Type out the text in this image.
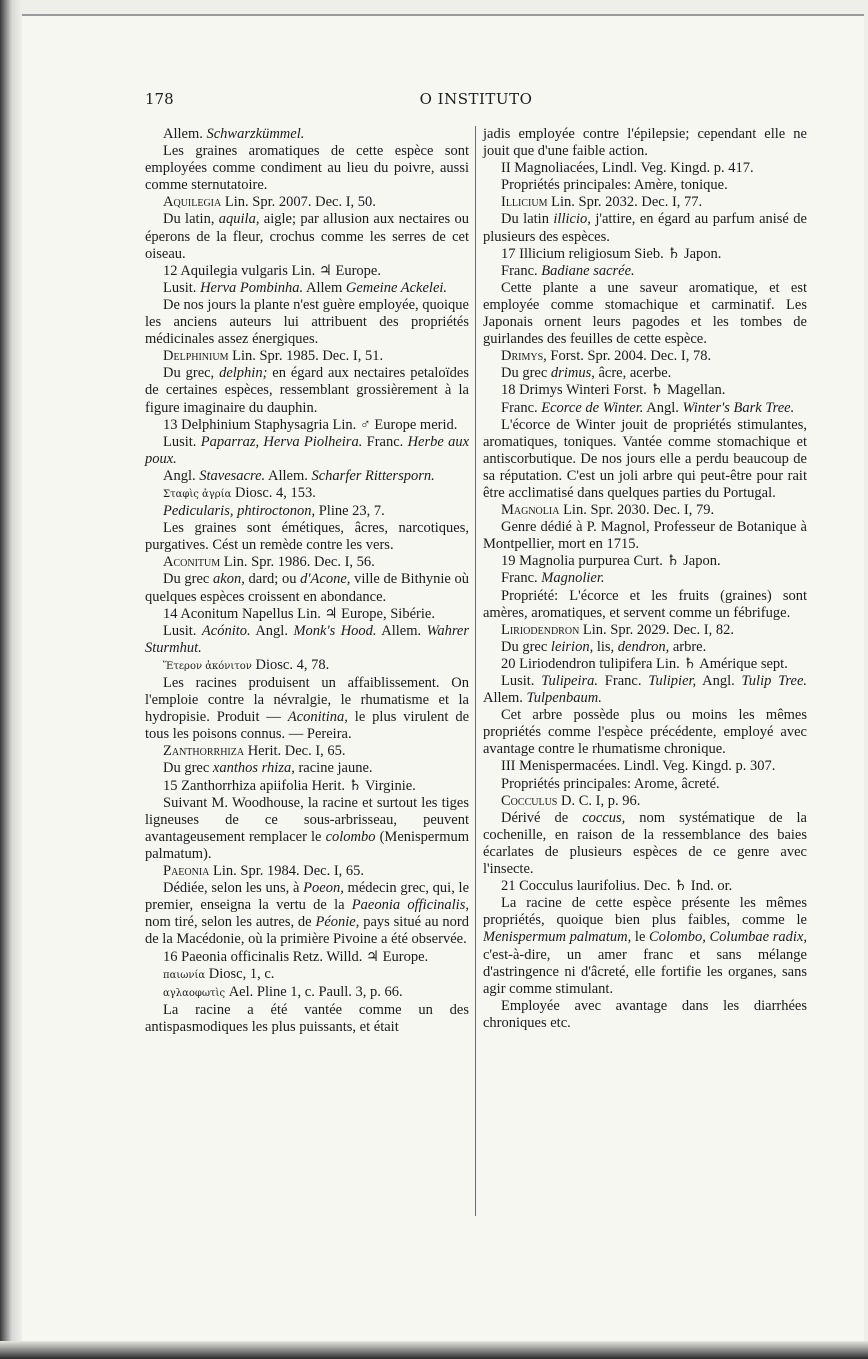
178	O INSTITUTO

Allem. Schwarzkümmel.

Les graines aromatiques de cette espèce sont employées comme condiment au lieu du poivre, aussi comme sternutatoire.

Aquilegia Lin. Spr. 2007. Dec. I, 50.

Du latin, aquila, aigle; par allusion aux nectaires ou éperons de la fleur, crochus comme les serres de cet oiseau.

12 Aquilegia vulgaris Lin. ♃ Europe.

Lusit. Herva Pombinha. Allem Gemeine Ackelei.

De nos jours la plante n'est guère employée, quoique les anciens auteurs lui attribuent des propriétés médicinales assez énergiques.

Delphinium Lin. Spr. 1985. Dec. I, 51.

Du grec, delphin; en égard aux nectaires petaloïdes de certaines espèces, ressemblant grossièrement à la figure imaginaire du dauphin.

13 Delphinium Staphysagria Lin. ♂ Europe merid.

Lusit. Paparraz, Herva Piolheira. Franc. Herbe aux poux.

Angl. Stavesacre. Allem. Scharfer Rittersporn.

Σταφὶς ἀγρία Diosc. 4, 153.

Pedicularis, phtiroctonon, Pline 23, 7.

Les graines sont émétiques, âcres, narcotiques, purgatives. Cést un remède contre les vers.

Aconitum Lin. Spr. 1986. Dec. I, 56.

Du grec akon, dard; ou d'Acone, ville de Bithynie où quelques espèces croissent en abondance.

14 Aconitum Napellus Lin. ♃ Europe, Sibérie.

Lusit. Acónito. Angl. Monk's Hood. Allem. Wahrer Sturmhut.

Ἕτερον ἀκόνιτον Diosc. 4, 78.

Les racines produisent un affaiblissement. On l'emploie contre la névralgie, le rhumatisme et la hydropisie. Produit — Aconitina, le plus virulent de tous les poisons connus. — Pereira.

Zanthorrhiza Herit. Dec. I, 65.

Du grec xanthos rhiza, racine jaune.

15 Zanthorrhiza apiifolia Herit. ♄ Virginie.

Suivant M. Woodhouse, la racine et surtout les tiges ligneuses de ce sous-arbrisseau, peuvent avantageusement remplacer le colombo (Menispermum palmatum).

Paeonia Lin. Spr. 1984. Dec. I, 65.

Dédiée, selon les uns, à Poeon, médecin grec, qui, le premier, enseigna la vertu de la Paeonia officinalis, nom tiré, selon les autres, de Péonie, pays situé au nord de la Macédonie, où la primière Pivoine a été observée.

16 Paeonia officinalis Retz. Willd. ♃ Europe.

παιωνία Diosc, 1, c.

αγλαοφωτὶς Ael. Pline 1, c. Paull. 3, p. 66.

La racine a été vantée comme un des antispasmodiques les plus puissants, et était

jadis employée contre l'épilepsie; cependant elle ne jouit que d'une faible action.

II Magnoliacées, Lindl. Veg. Kingd. p. 417.

Propriétés principales: Amère, tonique.

Illicium Lin. Spr. 2032. Dec. I, 77.

Du latin illicio, j'attire, en égard au parfum anisé de plusieurs des espèces.

17 Illicium religiosum Sieb. ♄ Japon.

Franc. Badiane sacrée.

Cette plante a une saveur aromatique, et est employée comme stomachique et carminatif. Les Japonais ornent leurs pagodes et les tombes de guirlandes des feuilles de cette espèce.

Drimys, Forst. Spr. 2004. Dec. I, 78.

Du grec drimus, âcre, acerbe.

18 Drimys Winteri Forst. ♄ Magellan.

Franc. Ecorce de Winter. Angl. Winter's Bark Tree.

L'écorce de Winter jouit de propriétés stimulantes, aromatiques, toniques. Vantée comme stomachique et antiscorbutique. De nos jours elle a perdu beaucoup de sa réputation. C'est un joli arbre qui peut-être pour rait être acclimatisé dans quelques parties du Portugal.

Magnolia Lin. Spr. 2030. Dec. I, 79.

Genre dédié à P. Magnol, Professeur de Botanique à Montpellier, mort en 1715.

19 Magnolia purpurea Curt. ♄ Japon.

Franc. Magnolier.

Propriété: L'écorce et les fruits (graines) sont amères, aromatiques, et servent comme un fébrifuge.

Liriodendron Lin. Spr. 2029. Dec. I, 82.

Du grec leirion, lis, dendron, arbre.

20 Liriodendron tulipifera Lin. ♄ Amérique sept.

Lusit. Tulipeira. Franc. Tulipier, Angl. Tulip Tree. Allem. Tulpenbaum.

Cet arbre possède plus ou moins les mêmes propriétés comme l'espèce précédente, employé avec avantage contre le rhumatisme chronique.

III Menispermacées. Lindl. Veg. Kingd. p. 307.

Propriétés principales: Arome, âcreté.

Cocculus D. C. I, p. 96.

Dérivé de coccus, nom systématique de la cochenille, en raison de la ressemblance des baies écarlates de plusieurs espèces de ce genre avec l'insecte.

21 Cocculus laurifolius. Dec. ♄ Ind. or.

La racine de cette espèce présente les mêmes propriétés, quoique bien plus faibles, comme le Menispermum palmatum, le Colombo, Columbae radix, c'est-à-dire, un amer franc et sans mélange d'astringence ni d'âcreté, elle fortifie les organes, sans agir comme stimulant.

Employée avec avantage dans les diarrhées chroniques etc.
